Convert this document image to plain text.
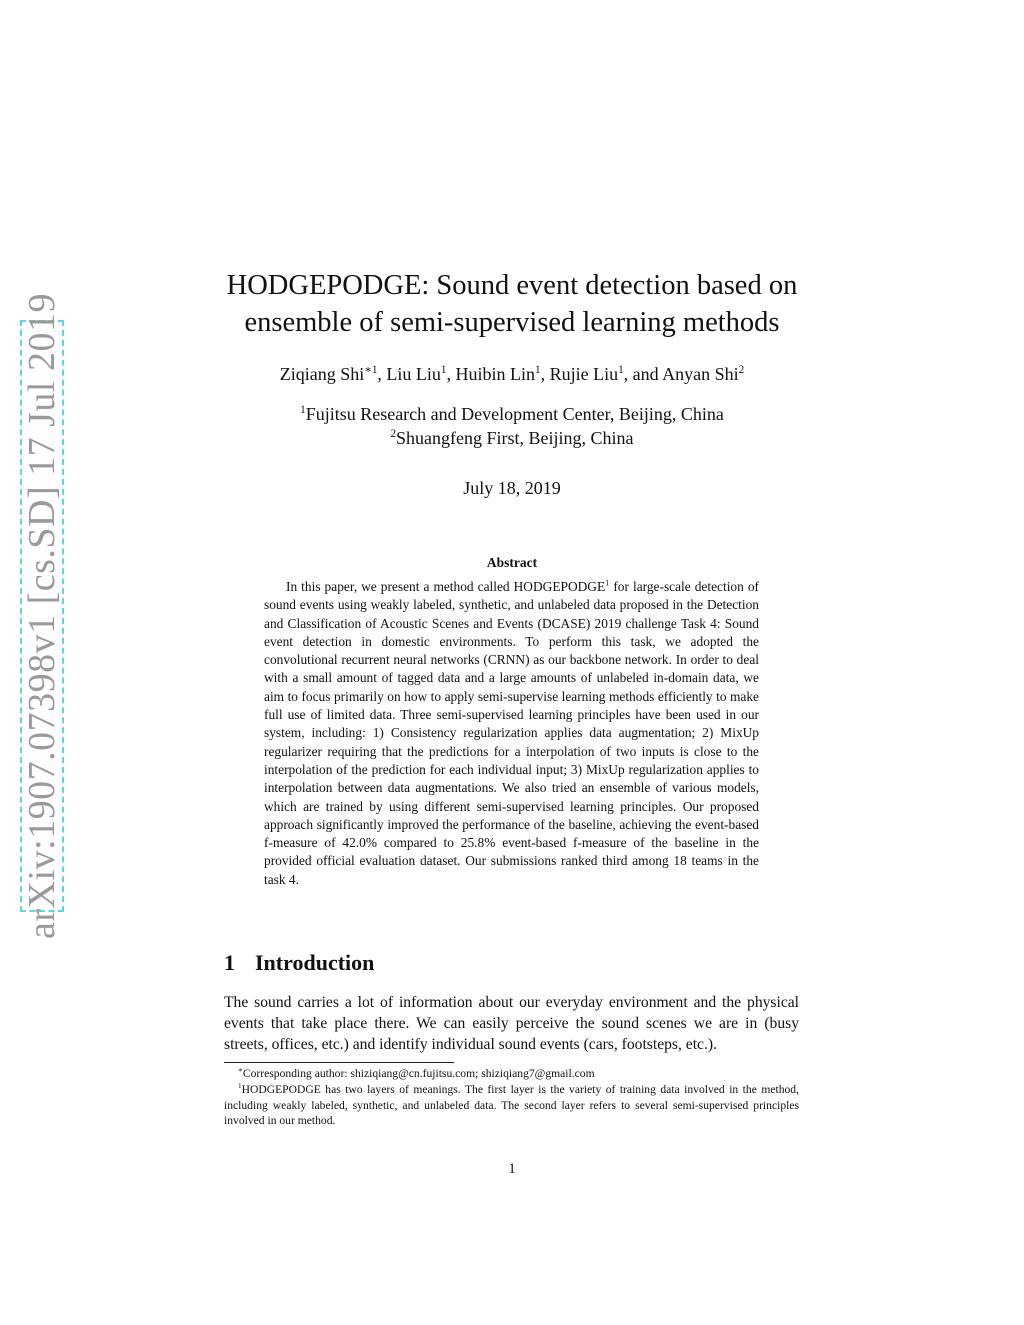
arXiv:1907.07398v1 [cs.SD] 17 Jul 2019
HODGEPODGE: Sound event detection based on
ensemble of semi-supervised learning methods
Ziqiang Shi$^{∗1}$, Liu Liu$^1$, Huibin Lin$^1$, Rujie Liu$^1$, and Anyan Shi$^2$
$^1$Fujitsu Research and Development Center, Beijing, China
$^2$Shuangfeng First, Beijing, China
July 18, 2019
Abstract

In this paper, we present a method called HODGEPODGE$^1$ for large-scale detection of sound events using weakly labeled, synthetic, and unlabeled data proposed in the Detection and Classification of Acoustic Scenes and Events (DCASE) 2019 challenge Task 4: Sound event detection in domestic environments. To perform this task, we adopted the convolutional recurrent neural networks (CRNN) as our backbone network. In order to deal with a small amount of tagged data and a large amounts of unlabeled in-domain data, we aim to focus primarily on how to apply semi-supervise learning methods efficiently to make full use of limited data. Three semi-supervised learning principles have been used in our system, including: 1) Consistency regularization applies data augmentation; 2) MixUp regularizer requiring that the predictions for a interpolation of two inputs is close to the interpolation of the prediction for each individual input; 3) MixUp regularization applies to interpolation between data augmentations. We also tried an ensemble of various models, which are trained by using different semi-supervised learning principles. Our proposed approach significantly improved the performance of the baseline, achieving the event-based f-measure of 42.0% compared to 25.8% event-based f-measure of the baseline in the provided official evaluation dataset. Our submissions ranked third among 18 teams in the task 4.

1 Introduction

The sound carries a lot of information about our everyday environment and the physical events that take place there. We can easily perceive the sound scenes we are in (busy streets, offices, etc.) and identify individual sound events (cars, footsteps, etc.).

∗Corresponding author: shiziqiang@cn.fujitsu.com; shiziqiang7@gmail.com

$^1$HODGEPODGE has two layers of meanings. The first layer is the variety of training data involved in the method, including weakly labeled, synthetic, and unlabeled data. The second layer refers to several semi-supervised principles involved in our method.

1
